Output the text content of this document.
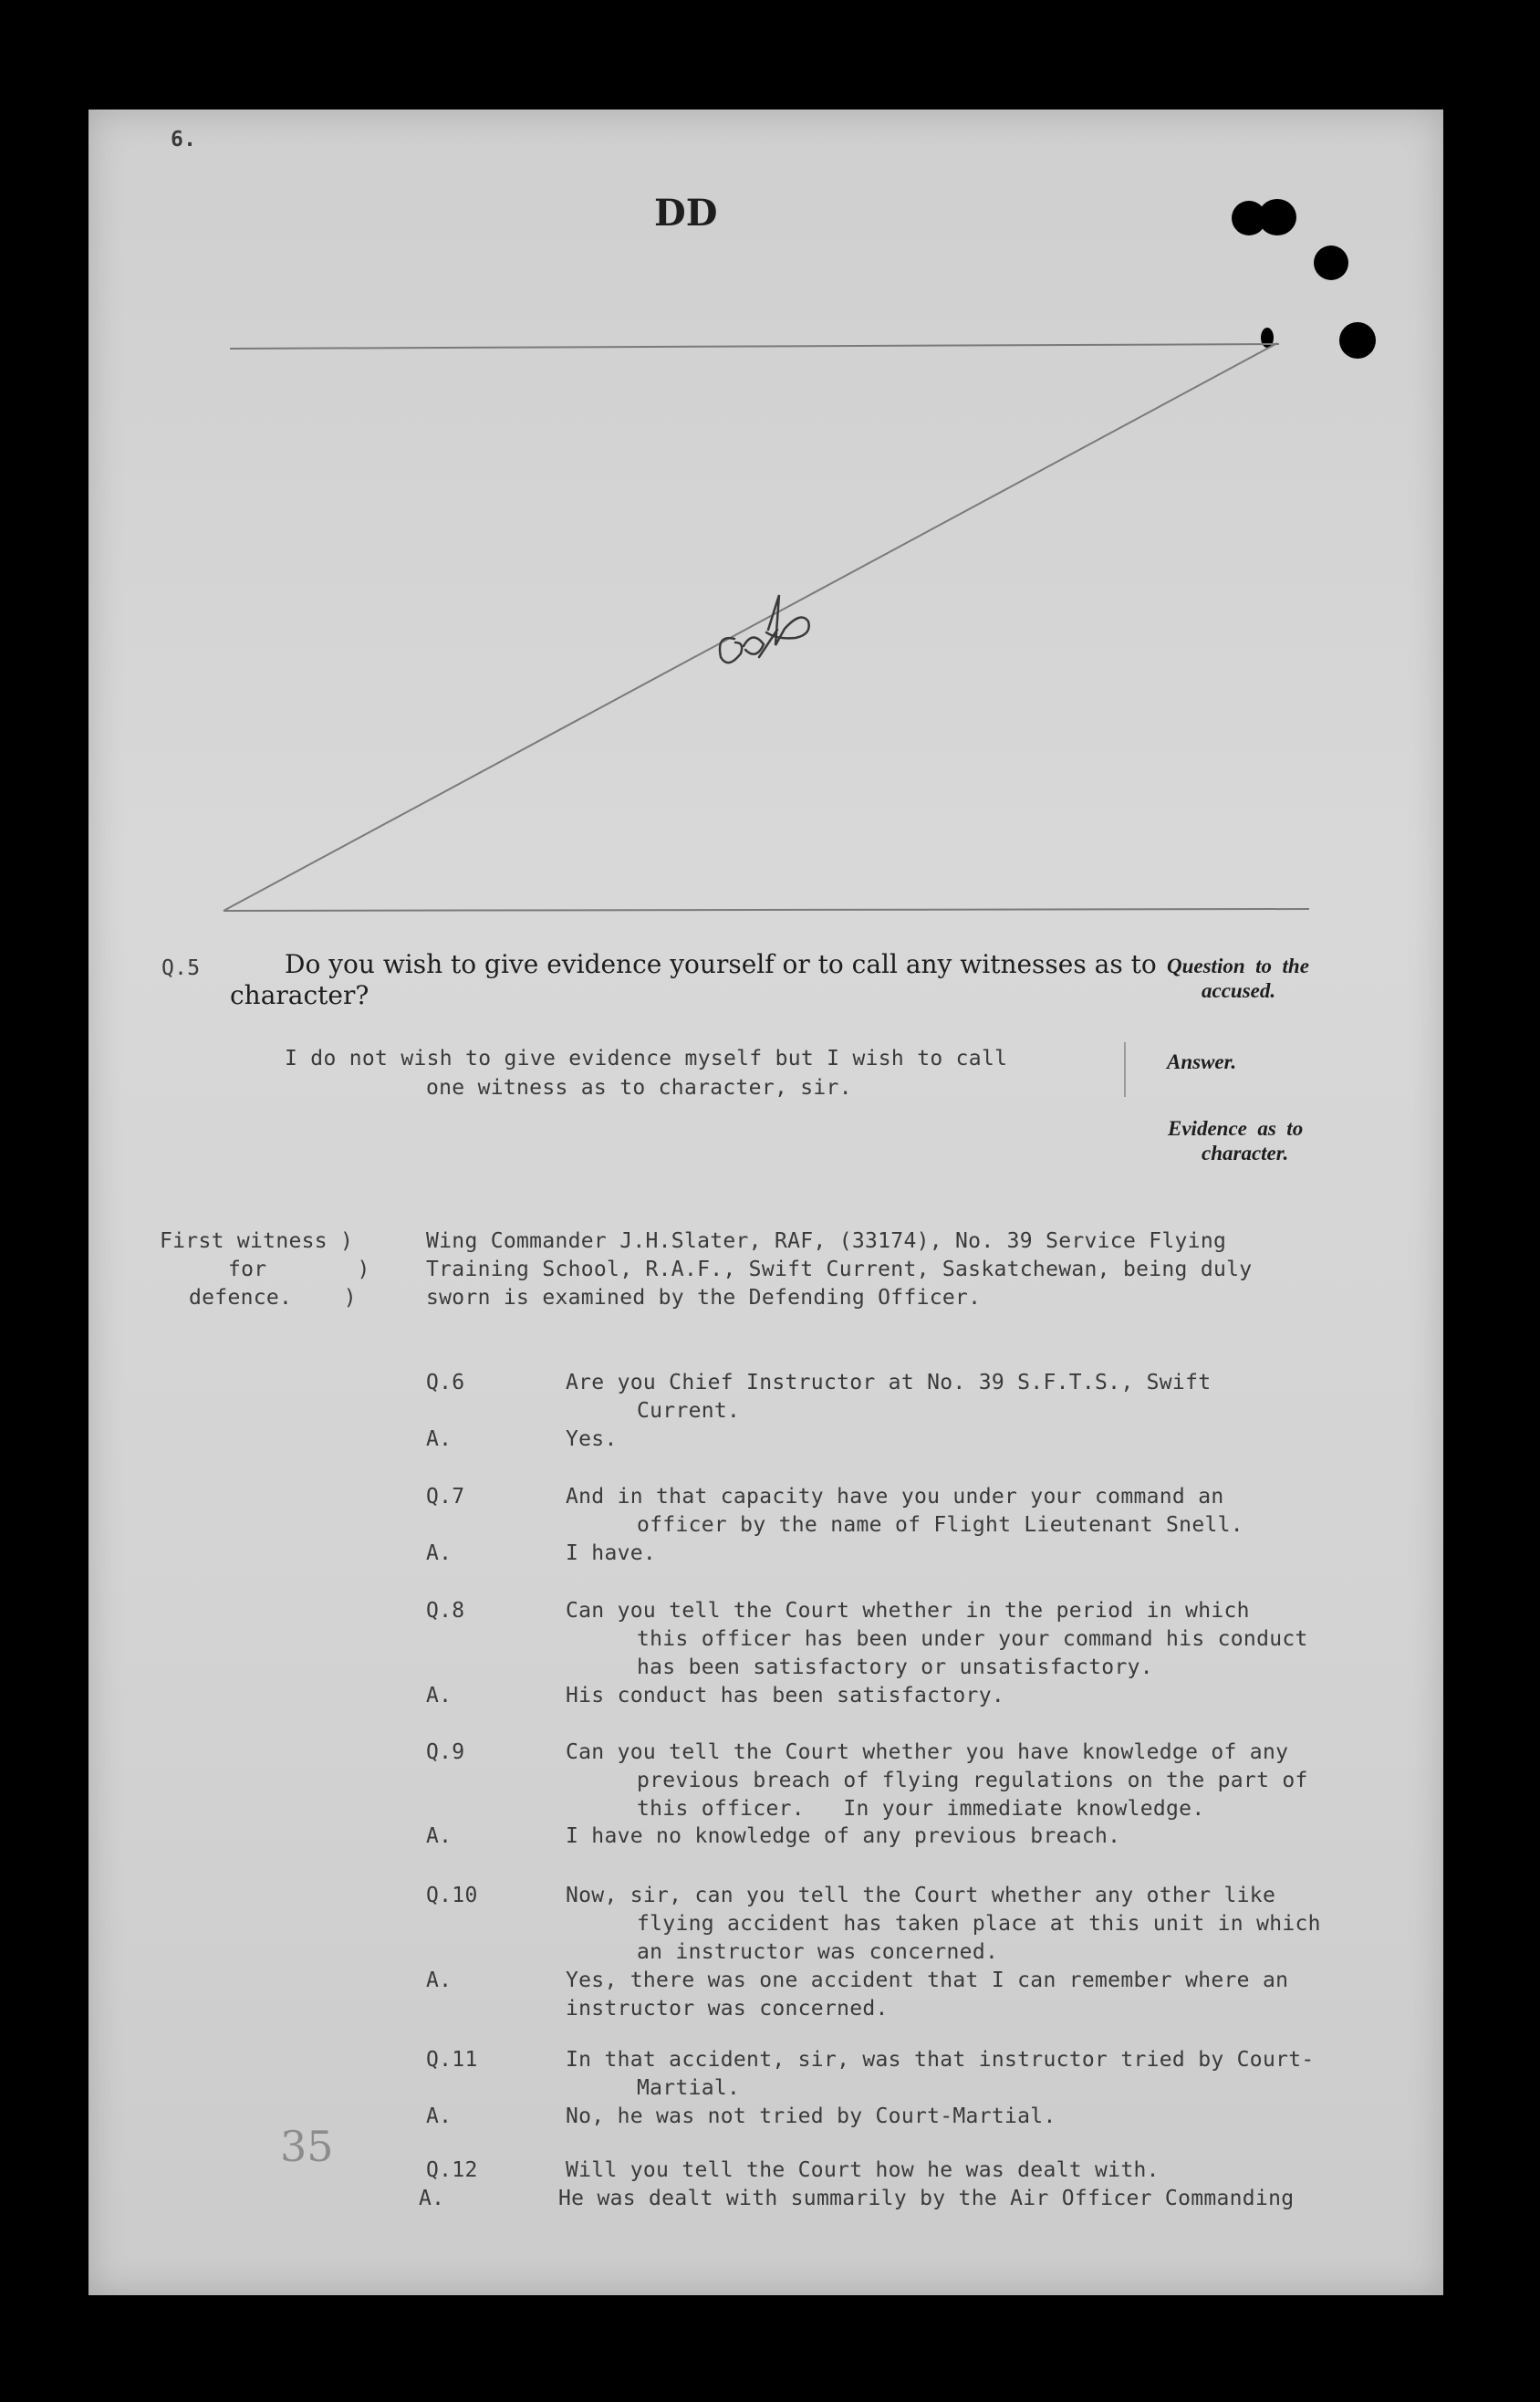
6.
DD
Q.5	Do you wish to give evidence yourself or to call any witnesses as to
character?
Question  to  the
accused.
I do not wish to give evidence myself but I wish to call
one witness as to character, sir.
Answer.
Evidence  as  to
character.
First witness )
for       )
defence.    )
Wing Commander J.H.Slater, RAF, (33174), No. 39 Service Flying
Training School, R.A.F., Swift Current, Saskatchewan, being duly
sworn is examined by the Defending Officer.
Q.6	Are you Chief Instructor at No. 39 S.F.T.S., Swift
Current.
A.	Yes.
Q.7	And in that capacity have you under your command an
officer by the name of Flight Lieutenant Snell.
A.	I have.
Q.8	Can you tell the Court whether in the period in which
this officer has been under your command his conduct
has been satisfactory or unsatisfactory.
A.	His conduct has been satisfactory.
Q.9	Can you tell the Court whether you have knowledge of any
previous breach of flying regulations on the part of
this officer.   In your immediate knowledge.
A.	I have no knowledge of any previous breach.
Q.10	Now, sir, can you tell the Court whether any other like
flying accident has taken place at this unit in which
an instructor was concerned.
A.	Yes, there was one accident that I can remember where an
instructor was concerned.
Q.11	In that accident, sir, was that instructor tried by Court-
Martial.
A.	No, he was not tried by Court-Martial.
Q.12	Will you tell the Court how he was dealt with.
A.	He was dealt with summarily by the Air Officer Commanding
35
